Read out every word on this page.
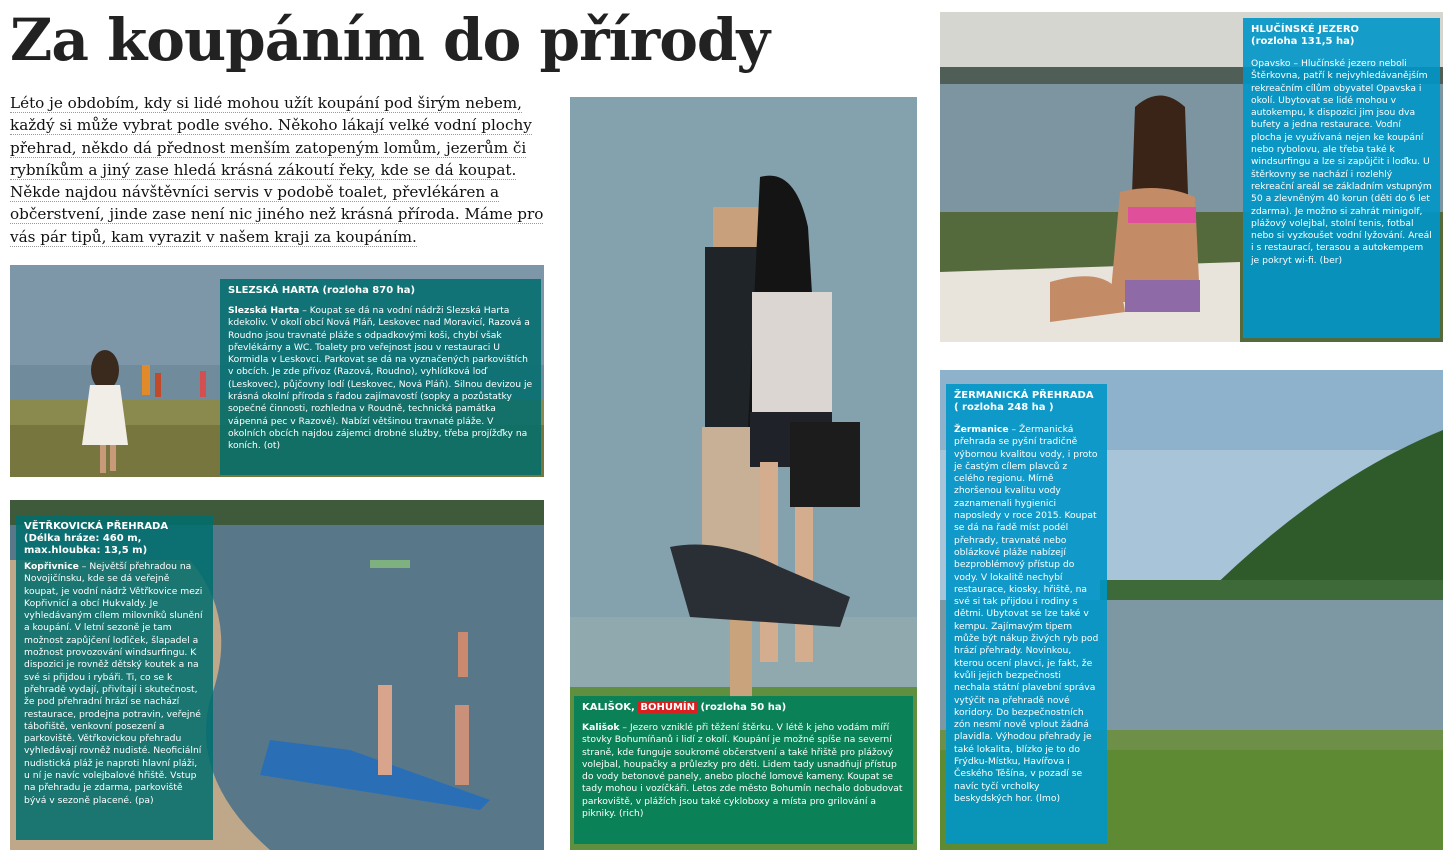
Za koupáním do přírody
Léto je obdobím, kdy si lidé mohou užít koupání pod širým nebem,
každý si může vybrat podle svého. Někoho lákají velké vodní plochy
přehrad, někdo dá přednost menším zatopeným lomům, jezerům či
rybníkům a jiný zase hledá krásná zákoutí řeky, kde se dá koupat.
Někde najdou návštěvníci servis v podobě toalet, převlékáren a
občerstvení, jinde zase není nic jiného než krásná příroda. Máme pro
vás pár tipů, kam vyrazit v našem kraji za koupáním.
SLEZSKÁ HARTA (rozloha 870 ha)
Slezská Harta – Koupat se dá na vodní nádrži Slezská Harta kdekoliv. V okolí obcí Nová Pláň, Leskovec nad Moravicí, Razová a Roudno jsou travnaté pláže s odpadkovými koši, chybí však převlékárny a WC. Toalety pro veřejnost jsou v restauraci U Kormidla v Leskovci. Parkovat se dá na vyznačených parkovištích v obcích. Je zde přívoz (Razová, Roudno), vyhlídková loď (Leskovec), půjčovny lodí (Leskovec, Nová Pláň). Silnou devizou je krásná okolní příroda s řadou zajímavostí (sopky a pozůstatky sopečné činnosti, rozhledna v Roudně, technická památka vápenná pec v Razové). Nabízí většinou travnaté pláže. V okolních obcích najdou zájemci drobné služby, třeba projížďky na koních. (ot)
VĚTŘKOVICKÁ PŘEHRADA
(Délka hráze: 460 m, max.hloubka: 13,5 m)
Kopřivnice – Největší přehradou na Novojičínsku, kde se dá veřejně koupat, je vodní nádrž Větřkovice mezi Kopřivnicí a obcí Hukvaldy. Je vyhledávaným cílem milovníků slunění a koupání. V letní sezoně je tam možnost zapůjčení loďiček, šlapadel a možnost provozování windsurfingu. K dispozici je rovněž dětský koutek a na své si přijdou i rybáři. Ti, co se k přehradě vydají, přivítají i skutečnost, že pod přehradní hrází se nachází restaurace, prodejna potravin, veřejné tábořiště, venkovní posezení a parkoviště. Větřkovickou přehradu vyhledávají rovněž nudisté. Neoficiální nudistická pláž je naproti hlavní pláži, u ní je navíc volejbalové hřiště. Vstup na přehradu je zdarma, parkoviště bývá v sezoně placené. (pa)
KALIŠOK, BOHUMÍN (rozloha 50 ha)
Kališok – Jezero vzniklé při těžení štěrku. V létě k jeho vodám míří stovky Bohumíňanů i lidí z okolí. Koupání je možné spíše na severní straně, kde funguje soukromé občerstvení a také hřiště pro plážový volejbal, houpačky a průlezky pro děti. Lidem tady usnadňují přístup do vody betonové panely, anebo ploché lomové kameny. Koupat se tady mohou i vozíčkáři. Letos zde město Bohumín nechalo dobudovat parkoviště, v plážích jsou také cykloboxy a místa pro grilování a pikniky. (rich)
HLUČÍNSKÉ JEZERO
(rozloha 131,5 ha)
Opavsko – Hlučínské jezero neboli Štěrkovna, patří k nejvyhledávanějším rekreačním cílům obyvatel Opavska i okolí. Ubytovat se lidé mohou v autokempu, k dispozici jim jsou dva bufety a jedna restaurace. Vodní plocha je využívaná nejen ke koupání nebo rybolovu, ale třeba také k windsurfingu a lze si zapůjčit i loďku. U štěrkovny se nachází i rozlehlý rekreační areál se základním vstupným 50 a zlevněným 40 korun (děti do 6 let zdarma). Je možno si zahrát minigolf, plážový volejbal, stolní tenis, fotbal nebo si vyzkoušet vodní lyžování. Areál i s restaurací, terasou a autokempem je pokryt wi-fi. (ber)
ŽERMANICKÁ PŘEHRADA
( rozloha 248 ha )
Žermanice – Žermanická přehrada se pyšní tradičně výbornou kvalitou vody, i proto je častým cílem plavců z celého regionu. Mírně zhoršenou kvalitu vody zaznamenali hygienici naposledy v roce 2015. Koupat se dá na řadě míst podél přehrady, travnaté nebo oblázkové pláže nabízejí bezproblémový přístup do vody. V lokalitě nechybí restaurace, kiosky, hřiště, na své si tak přijdou i rodiny s dětmi. Ubytovat se lze také v kempu. Zajímavým tipem může být nákup živých ryb pod hrází přehrady. Novinkou, kterou ocení plavci, je fakt, že kvůli jejich bezpečnosti nechala státní plavební správa vytýčit na přehradě nové koridory. Do bezpečnostních zón nesmí nově vplout žádná plavidla. Výhodou přehrady je také lokalita, blízko je to do Frýdku-Místku, Havířova i Českého Těšína, v pozadí se navíc tyčí vrcholky beskydských hor. (lmo)
